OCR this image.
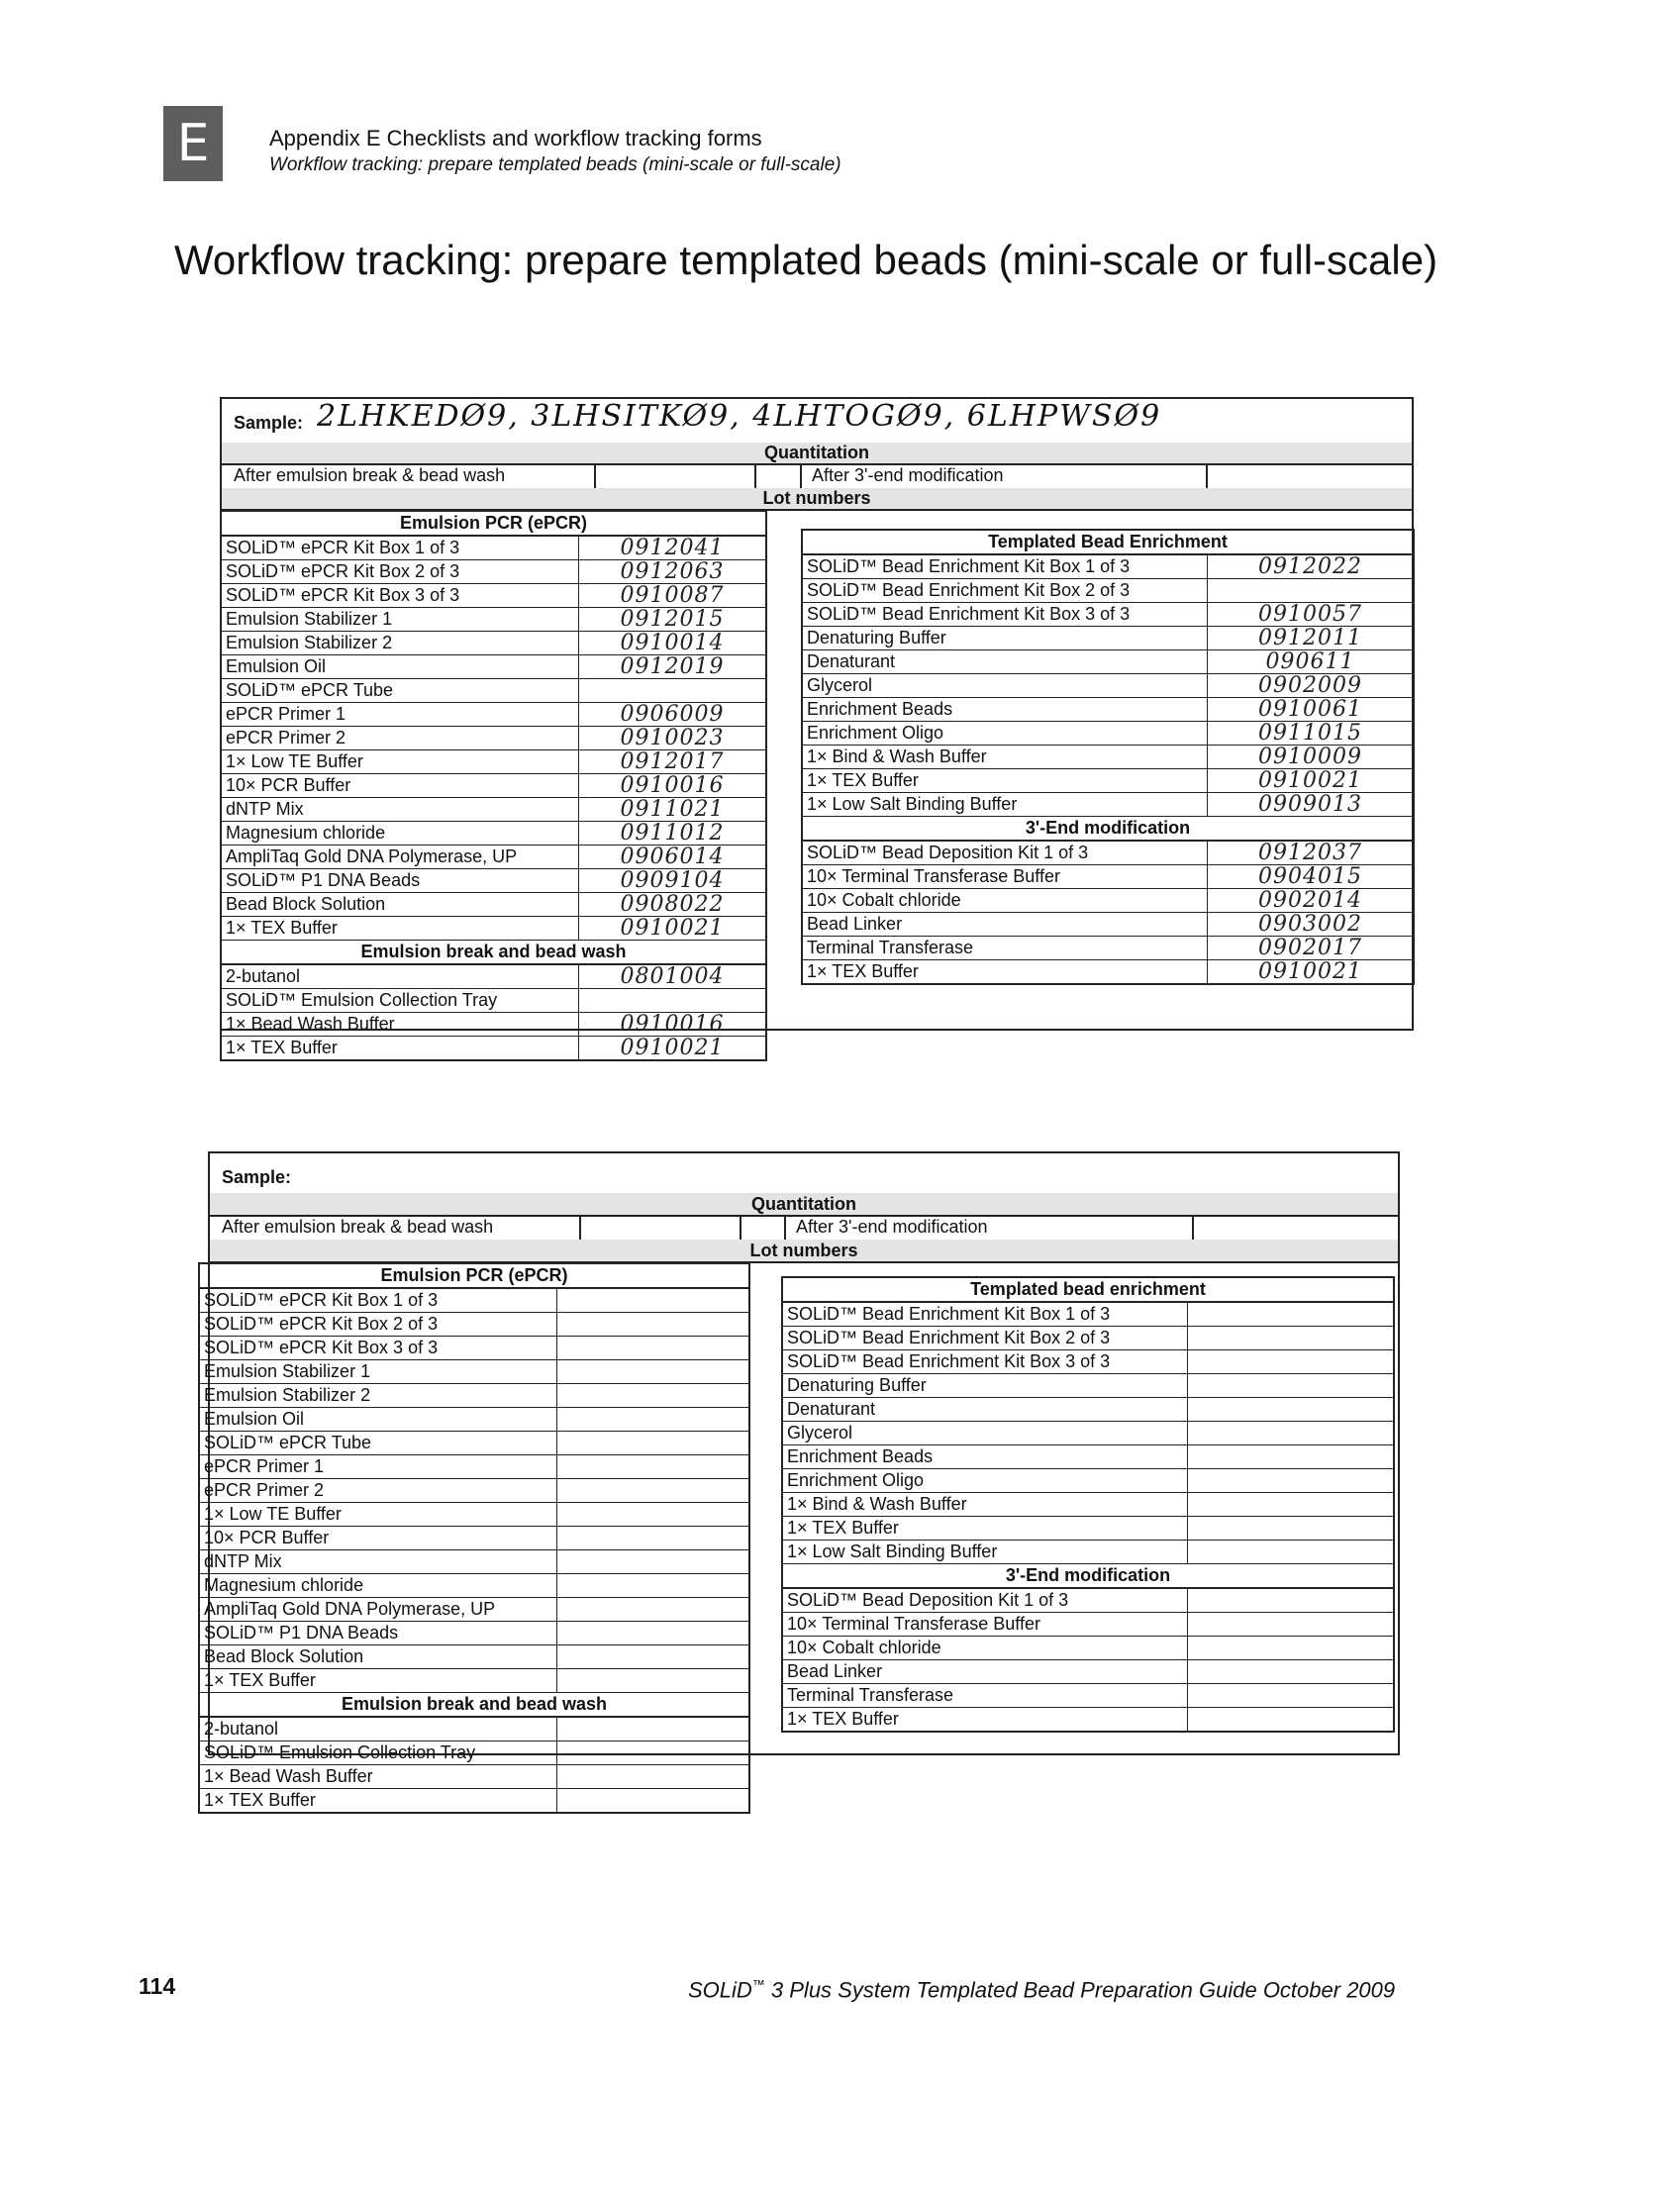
E	Appendix E Checklists and workflow tracking forms
Workflow tracking: prepare templated beads (mini-scale or full-scale)
Workflow tracking: prepare templated beads (mini-scale or full-scale)
Sample: 2LHKEDØ9, 3LHSITKØ9, 4LHTOGØ9, 6LHPWSØ9
Quantitation
After emulsion break & bead wash	After 3'-end modification
Lot numbers
Emulsion PCR (ePCR)	
SOLiD™ ePCR Kit Box 1 of 3	0912041
SOLiD™ ePCR Kit Box 2 of 3	0912063
SOLiD™ ePCR Kit Box 3 of 3	0910087
Emulsion Stabilizer 1	0912015
Emulsion Stabilizer 2	0910014
Emulsion Oil	0912019
SOLiD™ ePCR Tube	
ePCR Primer 1	0906009
ePCR Primer 2	0910023
1× Low TE Buffer	0912017
10× PCR Buffer	0910016
dNTP Mix	0911021
Magnesium chloride	0911012
AmpliTaq Gold DNA Polymerase, UP	0906014
SOLiD™ P1 DNA Beads	0909104
Bead Block Solution	0908022
1× TEX Buffer	0910021
Emulsion break and bead wash	
2-butanol	0801004
SOLiD™ Emulsion Collection Tray	
1× Bead Wash Buffer	0910016
1× TEX Buffer	0910021
Templated Bead Enrichment	
SOLiD™ Bead Enrichment Kit Box 1 of 3	0912022
SOLiD™ Bead Enrichment Kit Box 2 of 3	
SOLiD™ Bead Enrichment Kit Box 3 of 3	0910057
Denaturing Buffer	0912011
Denaturant	090611
Glycerol	0902009
Enrichment Beads	0910061
Enrichment Oligo	0911015
1× Bind & Wash Buffer	0910009
1× TEX Buffer	0910021
1× Low Salt Binding Buffer	0909013
3'-End modification	
SOLiD™ Bead Deposition Kit 1 of 3	0912037
10× Terminal Transferase Buffer	0904015
10× Cobalt chloride	0902014
Bead Linker	0903002
Terminal Transferase	0902017
1× TEX Buffer	0910021
Sample:
Quantitation
After emulsion break & bead wash	After 3'-end modification
Lot numbers
Emulsion PCR (ePCR)	
SOLiD™ ePCR Kit Box 1 of 3	
SOLiD™ ePCR Kit Box 2 of 3	
SOLiD™ ePCR Kit Box 3 of 3	
Emulsion Stabilizer 1	
Emulsion Stabilizer 2	
Emulsion Oil	
SOLiD™ ePCR Tube	
ePCR Primer 1	
ePCR Primer 2	
1× Low TE Buffer	
10× PCR Buffer	
dNTP Mix	
Magnesium chloride	
AmpliTaq Gold DNA Polymerase, UP	
SOLiD™ P1 DNA Beads	
Bead Block Solution	
1× TEX Buffer	
Emulsion break and bead wash	
2-butanol	
SOLiD™ Emulsion Collection Tray	
1× Bead Wash Buffer	
1× TEX Buffer	
Templated bead enrichment	
SOLiD™ Bead Enrichment Kit Box 1 of 3	
SOLiD™ Bead Enrichment Kit Box 2 of 3	
SOLiD™ Bead Enrichment Kit Box 3 of 3	
Denaturing Buffer	
Denaturant	
Glycerol	
Enrichment Beads	
Enrichment Oligo	
1× Bind & Wash Buffer	
1× TEX Buffer	
1× Low Salt Binding Buffer	
3'-End modification	
SOLiD™ Bead Deposition Kit 1 of 3	
10× Terminal Transferase Buffer	
10× Cobalt chloride	
Bead Linker	
Terminal Transferase	
1× TEX Buffer	
114	SOLiD™ 3 Plus System Templated Bead Preparation Guide October 2009
